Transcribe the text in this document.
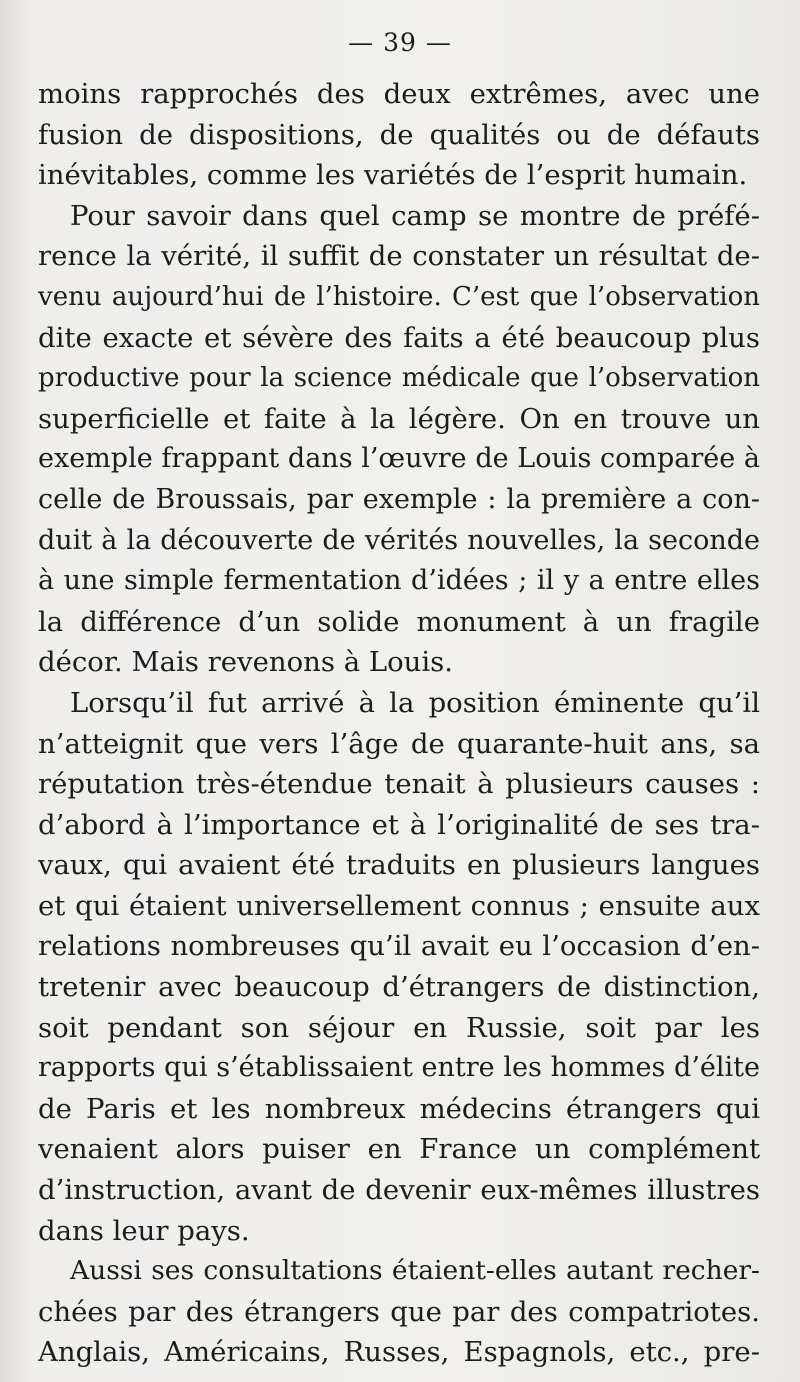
— 39 —
moins rapprochés des deux extrêmes, avec une
fusion de dispositions, de qualités ou de défauts
inévitables, comme les variétés de l’esprit humain.
Pour savoir dans quel camp se montre de préfé-
rence la vérité, il suffit de constater un résultat de-
venu aujourd’hui de l’histoire. C’est que l’observation
dite exacte et sévère des faits a été beaucoup plus
productive pour la science médicale que l’observation
superficielle et faite à la légère. On en trouve un
exemple frappant dans l’œuvre de Louis comparée à
celle de Broussais, par exemple : la première a con-
duit à la découverte de vérités nouvelles, la seconde
à une simple fermentation d’idées ; il y a entre elles
la différence d’un solide monument à un fragile
décor. Mais revenons à Louis.
Lorsqu’il fut arrivé à la position éminente qu’il
n’atteignit que vers l’âge de quarante-huit ans, sa
réputation très-étendue tenait à plusieurs causes :
d’abord à l’importance et à l’originalité de ses tra-
vaux, qui avaient été traduits en plusieurs langues
et qui étaient universellement connus ; ensuite aux
relations nombreuses qu’il avait eu l’occasion d’en-
tretenir avec beaucoup d’étrangers de distinction,
soit pendant son séjour en Russie, soit par les
rapports qui s’établissaient entre les hommes d’élite
de Paris et les nombreux médecins étrangers qui
venaient alors puiser en France un complément
d’instruction, avant de devenir eux-mêmes illustres
dans leur pays.
Aussi ses consultations étaient-elles autant recher-
chées par des étrangers que par des compatriotes.
Anglais, Américains, Russes, Espagnols, etc., pre-
